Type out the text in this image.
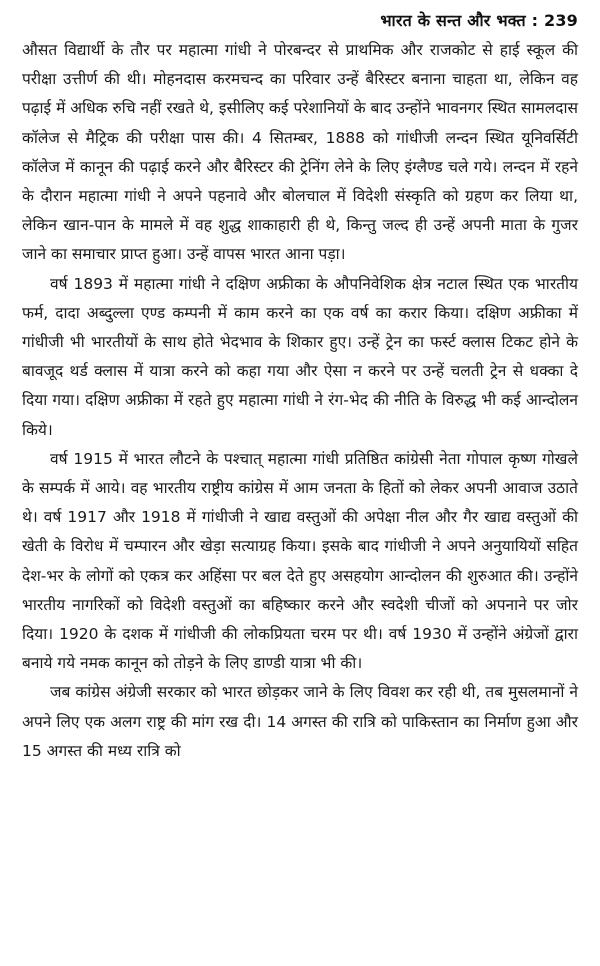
भारत के सन्त और भक्त : 239

औसत विद्यार्थी के तौर पर महात्मा गांधी ने पोरबन्दर से प्राथमिक और राजकोट से हाई स्कूल की परीक्षा उत्तीर्ण की थी। मोहनदास करमचन्द का परिवार उन्हें बैरिस्टर बनाना चाहता था, लेकिन वह पढ़ाई में अधिक रुचि नहीं रखते थे, इसीलिए कई परेशानियों के बाद उन्होंने भावनगर स्थित सामलदास कॉलेज से मैट्रिक की परीक्षा पास की। 4 सितम्बर, 1888 को गांधीजी लन्दन स्थित यूनिवर्सिटी कॉलेज में कानून की पढ़ाई करने और बैरिस्टर की ट्रेनिंग लेने के लिए इंग्लैण्ड चले गये। लन्दन में रहने के दौरान महात्मा गांधी ने अपने पहनावे और बोलचाल में विदेशी संस्कृति को ग्रहण कर लिया था, लेकिन खान-पान के मामले में वह शुद्ध शाकाहारी ही थे, किन्तु जल्द ही उन्हें अपनी माता के गुजर जाने का समाचार प्राप्त हुआ। उन्हें वापस भारत आना पड़ा।

वर्ष 1893 में महात्मा गांधी ने दक्षिण अफ्रीका के औपनिवेशिक क्षेत्र नटाल स्थित एक भारतीय फर्म, दादा अब्दुल्ला एण्ड कम्पनी में काम करने का एक वर्ष का करार किया। दक्षिण अफ्रीका में गांधीजी भी भारतीयों के साथ होते भेदभाव के शिकार हुए। उन्हें ट्रेन का फर्स्ट क्लास टिकट होने के बावजूद थर्ड क्लास में यात्रा करने को कहा गया और ऐसा न करने पर उन्हें चलती ट्रेन से धक्का दे दिया गया। दक्षिण अफ्रीका में रहते हुए महात्मा गांधी ने रंग-भेद की नीति के विरुद्ध भी कई आन्दोलन किये।

वर्ष 1915 में भारत लौटने के पश्चात् महात्मा गांधी प्रतिष्ठित कांग्रेसी नेता गोपाल कृष्ण गोखले के सम्पर्क में आये। वह भारतीय राष्ट्रीय कांग्रेस में आम जनता के हितों को लेकर अपनी आवाज उठाते थे। वर्ष 1917 और 1918 में गांधीजी ने खाद्य वस्तुओं की अपेक्षा नील और गैर खाद्य वस्तुओं की खेती के विरोध में चम्पारन और खेड़ा सत्याग्रह किया। इसके बाद गांधीजी ने अपने अनुयायियों सहित देश-भर के लोगों को एकत्र कर अहिंसा पर बल देते हुए असहयोग आन्दोलन की शुरुआत की। उन्होंने भारतीय नागरिकों को विदेशी वस्तुओं का बहिष्कार करने और स्वदेशी चीजों को अपनाने पर जोर दिया। 1920 के दशक में गांधीजी की लोकप्रियता चरम पर थी। वर्ष 1930 में उन्होंने अंग्रेजों द्वारा बनाये गये नमक कानून को तोड़ने के लिए डाण्डी यात्रा भी की।

जब कांग्रेस अंग्रेजी सरकार को भारत छोड़कर जाने के लिए विवश कर रही थी, तब मुसलमानों ने अपने लिए एक अलग राष्ट्र की मांग रख दी। 14 अगस्त की रात्रि को पाकिस्तान का निर्माण हुआ और 15 अगस्त की मध्य रात्रि को
